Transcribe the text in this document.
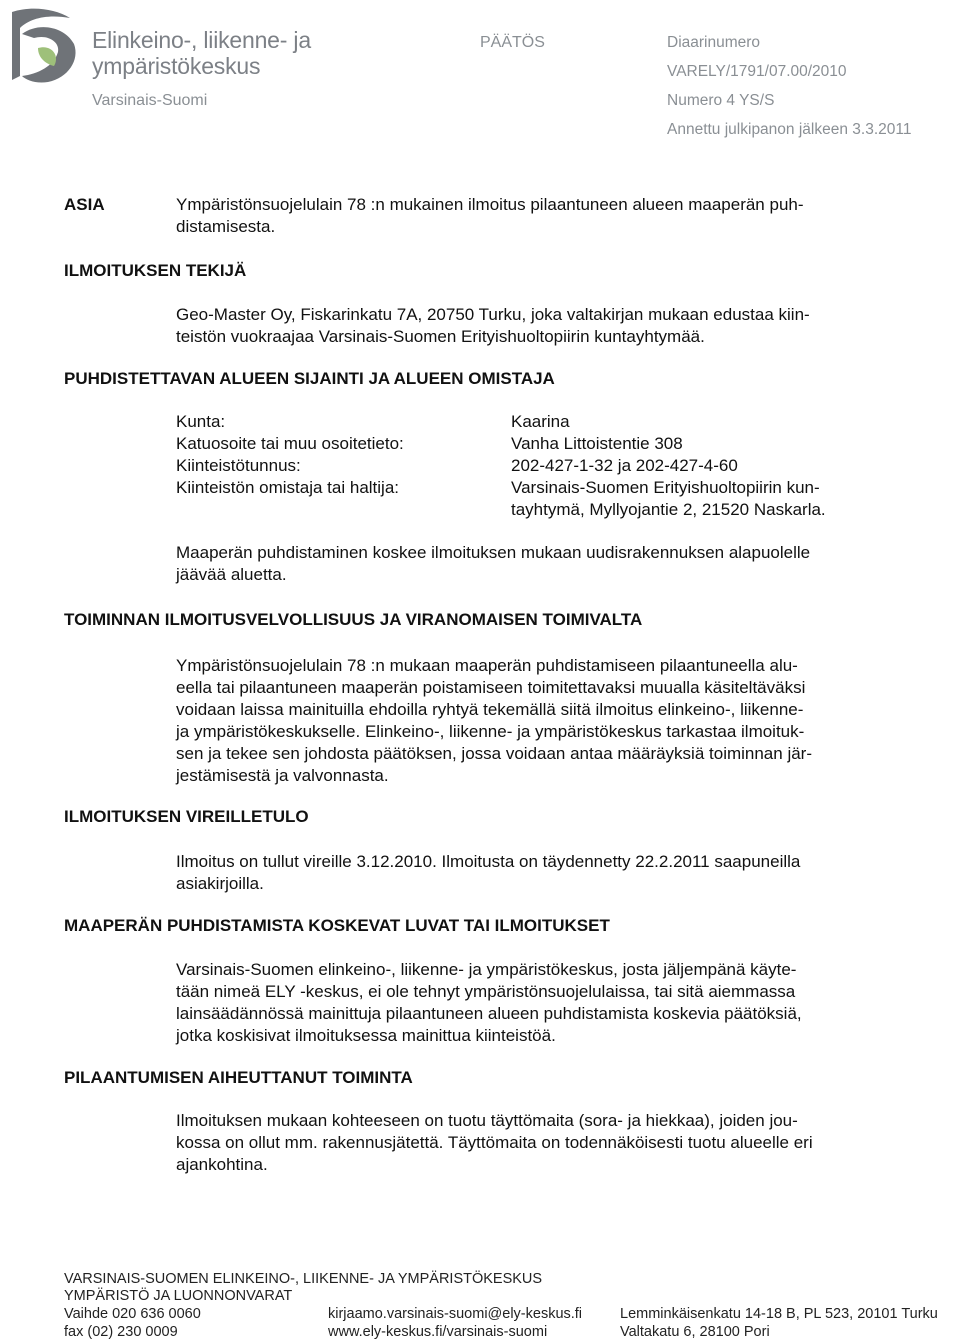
Elinkeino-, liikenne- ja
ympäristökeskus
Varsinais-Suomi
PÄÄTÖS	Diaarinumero
VARELY/1791/07.00/2010
Numero 4 YS/S
Annettu julkipanon jälkeen 3.3.2011
ASIA	Ympäristönsuojelulain 78 :n mukainen ilmoitus pilaantuneen alueen maaperän puh-
distamisesta.
ILMOITUKSEN TEKIJÄ
Geo-Master Oy, Fiskarinkatu 7A, 20750 Turku, joka valtakirjan mukaan edustaa kiin-
teistön vuokraajaa Varsinais-Suomen Erityishuoltopiirin kuntayhtymää.
PUHDISTETTAVAN ALUEEN SIJAINTI JA ALUEEN OMISTAJA
Kunta:	Kaarina
Katuosoite tai muu osoitetieto:	Vanha Littoistentie 308
Kiinteistötunnus:	202-427-1-32 ja 202-427-4-60
Kiinteistön omistaja tai haltija:	Varsinais-Suomen Erityishuoltopiirin kun-
tayhtymä, Myllyojantie 2, 21520 Naskarla.
Maaperän puhdistaminen koskee ilmoituksen mukaan uudisrakennuksen alapuolelle
jäävää aluetta.
TOIMINNAN ILMOITUSVELVOLLISUUS JA VIRANOMAISEN TOIMIVALTA
Ympäristönsuojelulain 78 :n mukaan maaperän puhdistamiseen pilaantuneella alu-
eella tai pilaantuneen maaperän poistamiseen toimitettavaksi muualla käsiteltäväksi
voidaan laissa mainituilla ehdoilla ryhtyä tekemällä siitä ilmoitus elinkeino-, liikenne-
ja ympäristökeskukselle. Elinkeino-, liikenne- ja ympäristökeskus tarkastaa ilmoituk-
sen ja tekee sen johdosta päätöksen, jossa voidaan antaa määräyksiä toiminnan jär-
jestämisestä ja valvonnasta.
ILMOITUKSEN VIREILLETULO
Ilmoitus on tullut vireille 3.12.2010. Ilmoitusta on täydennetty 22.2.2011 saapuneilla
asiakirjoilla.
MAAPERÄN PUHDISTAMISTA KOSKEVAT LUVAT TAI ILMOITUKSET
Varsinais-Suomen elinkeino-, liikenne- ja ympäristökeskus, josta jäljempänä käyte-
tään nimeä ELY -keskus, ei ole tehnyt ympäristönsuojelulaissa, tai sitä aiemmassa
lainsäädännössä mainittuja pilaantuneen alueen puhdistamista koskevia päätöksiä,
jotka koskisivat ilmoituksessa mainittua kiinteistöä.
PILAANTUMISEN AIHEUTTANUT TOIMINTA
Ilmoituksen mukaan kohteeseen on tuotu täyttömaita (sora- ja hiekkaa), joiden jou-
kossa on ollut mm. rakennusjätettä. Täyttömaita on todennäköisesti tuotu alueelle eri
ajankohtina.
VARSINAIS-SUOMEN ELINKEINO-, LIIKENNE- JA YMPÄRISTÖKESKUS
YMPÄRISTÖ JA LUONNONVARAT
Vaihde 020 636 0060
fax (02) 230 0009
kirjaamo.varsinais-suomi@ely-keskus.fi
www.ely-keskus.fi/varsinais-suomi
Lemminkäisenkatu 14-18 B, PL 523, 20101 Turku
Valtakatu 6, 28100 Pori
